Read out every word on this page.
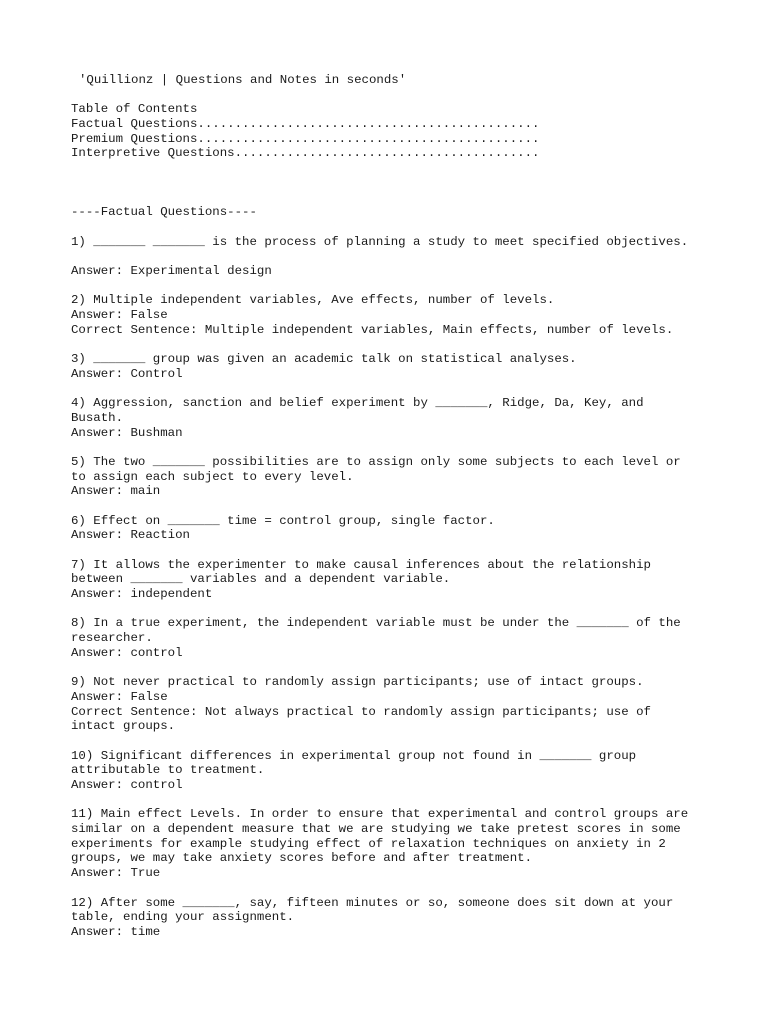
'Quillionz | Questions and Notes in seconds'
Table of Contents
Factual Questions..............................................
Premium Questions..............................................
Interpretive Questions.........................................
----Factual Questions----
1) _______ _______ is the process of planning a study to meet specified objectives.
Answer: Experimental design
2) Multiple independent variables, Ave effects, number of levels.
Answer: False
Correct Sentence: Multiple independent variables, Main effects, number of levels.
3) _______ group was given an academic talk on statistical analyses.
Answer: Control
4) Aggression, sanction and belief experiment by _______, Ridge, Da, Key, and
Busath.
Answer: Bushman
5) The two _______ possibilities are to assign only some subjects to each level or
to assign each subject to every level.
Answer: main
6) Effect on _______ time = control group, single factor.
Answer: Reaction
7) It allows the experimenter to make causal inferences about the relationship
between _______ variables and a dependent variable.
Answer: independent
8) In a true experiment, the independent variable must be under the _______ of the
researcher.
Answer: control
9) Not never practical to randomly assign participants; use of intact groups.
Answer: False
Correct Sentence: Not always practical to randomly assign participants; use of
intact groups.
10) Significant differences in experimental group not found in _______ group
attributable to treatment.
Answer: control
11) Main effect Levels. In order to ensure that experimental and control groups are
similar on a dependent measure that we are studying we take pretest scores in some
experiments for example studying effect of relaxation techniques on anxiety in 2
groups, we may take anxiety scores before and after treatment.
Answer: True
12) After some _______, say, fifteen minutes or so, someone does sit down at your
table, ending your assignment.
Answer: time
